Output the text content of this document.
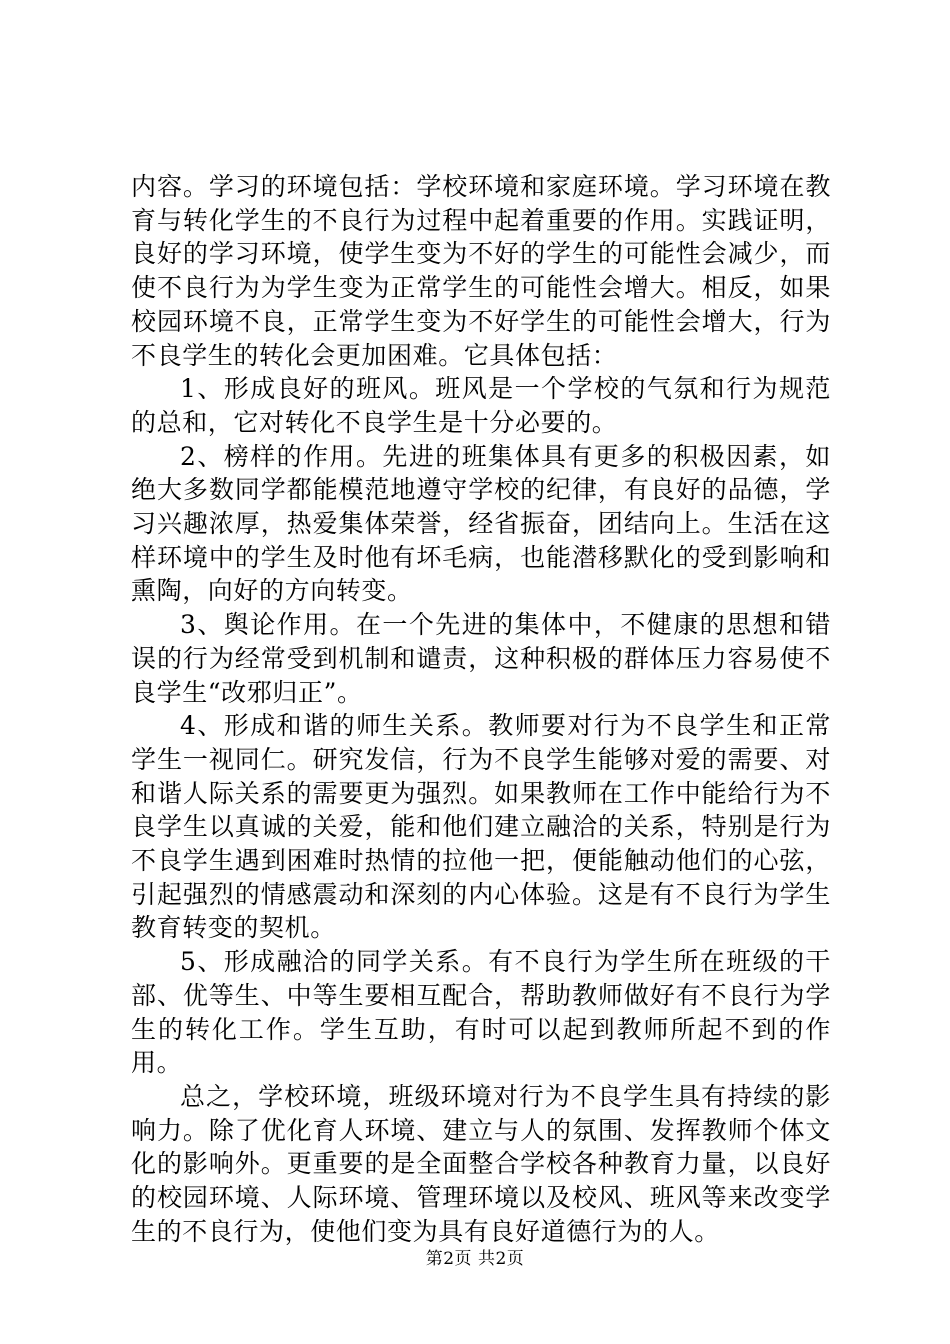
内容。学习的环境包括：学校环境和家庭环境。学习环境在教育与转化学生的不良行为过程中起着重要的作用。实践证明，良好的学习环境，使学生变为不好的学生的可能性会减少，而使不良行为为学生变为正常学生的可能性会增大。相反，如果校园环境不良，正常学生变为不好学生的可能性会增大，行为不良学生的转化会更加困难。它具体包括：

1、形成良好的班风。班风是一个学校的气氛和行为规范的总和，它对转化不良学生是十分必要的。

2、榜样的作用。先进的班集体具有更多的积极因素，如绝大多数同学都能模范地遵守学校的纪律，有良好的品德，学习兴趣浓厚，热爱集体荣誉，经省振奋，团结向上。生活在这样环境中的学生及时他有坏毛病，也能潜移默化的受到影响和熏陶，向好的方向转变。

3、舆论作用。在一个先进的集体中，不健康的思想和错误的行为经常受到机制和谴责，这种积极的群体压力容易使不良学生“改邪归正”。

4、形成和谐的师生关系。教师要对行为不良学生和正常学生一视同仁。研究发信，行为不良学生能够对爱的需要、对和谐人际关系的需要更为强烈。如果教师在工作中能给行为不良学生以真诚的关爱，能和他们建立融洽的关系，特别是行为不良学生遇到困难时热情的拉他一把，便能触动他们的心弦，引起强烈的情感震动和深刻的内心体验。这是有不良行为学生教育转变的契机。

5、形成融洽的同学关系。有不良行为学生所在班级的干部、优等生、中等生要相互配合，帮助教师做好有不良行为学生的转化工作。学生互助，有时可以起到教师所起不到的作用。

总之，学校环境，班级环境对行为不良学生具有持续的影响力。除了优化育人环境、建立与人的氛围、发挥教师个体文化的影响外。更重要的是全面整合学校各种教育力量，以良好的校园环境、人际环境、管理环境以及校风、班风等来改变学生的不良行为，使他们变为具有良好道德行为的人。

第2页 共2页
